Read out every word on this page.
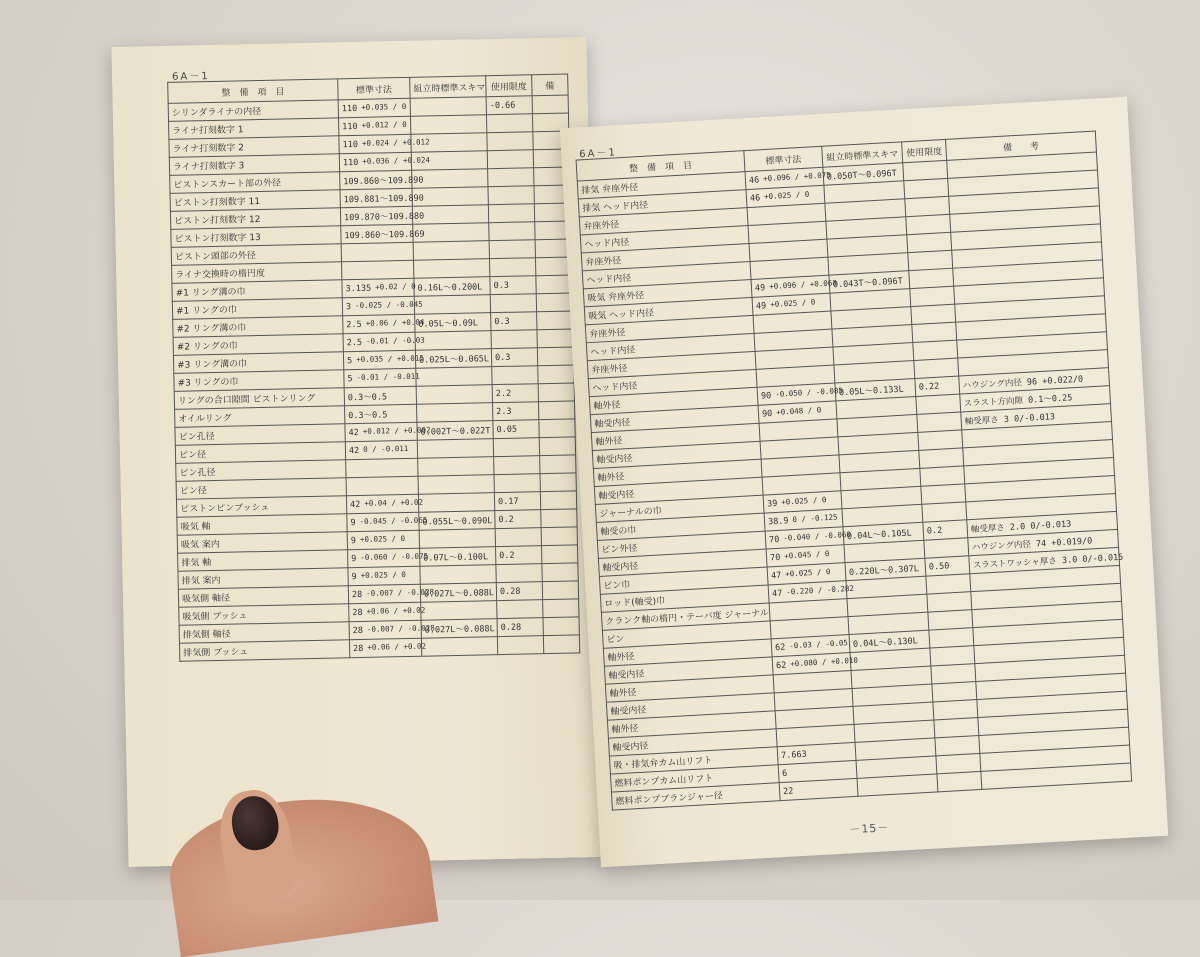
6A－1
整　備　項　目	標準寸法	組立時標準スキマ	使用限度	備
シリンダライナの内径	110 +0.035 / 0		-0.66	
ライナ打刻数字 1	110 +0.012 / 0			
ライナ打刻数字 2	110 +0.024 / +0.012			
ライナ打刻数字 3	110 +0.036 / +0.024			
ピストンスカート部の外径	109.860～109.890			
ピストン打刻数字 11	109.881～109.890			
ピストン打刻数字 12	109.870～109.880			
ピストン打刻数字 13	109.860～109.869			
ピストン頭部の外径				
ライナ交換時の楕円度				
#1 リング溝の巾	3.135 +0.02 / 0	0.16L～0.200L	0.3	
#1 リングの巾	3 -0.025 / -0.045			
#2 リング溝の巾	2.5 +0.06 / +0.04	0.05L～0.09L	0.3	
#2 リングの巾	2.5 -0.01 / -0.03			
#3 リング溝の巾	5 +0.035 / +0.015	0.025L～0.065L	0.3	
#3 リングの巾	5 -0.01 / -0.011			
リングの合口隙間 ピストンリング	0.3～0.5		2.2	
オイルリング	0.3～0.5		2.3	
ピン孔径	42 +0.012 / +0.002	0.002T～0.022T	0.05	
ピン径	42 0 / -0.011			
ピン孔径				
ピン径				
ピストンピンブッシュ	42 +0.04 / +0.02		0.17	
吸気 軸	9 -0.045 / -0.065	0.055L～0.090L	0.2	
吸気 案内	9 +0.025 / 0			
排気 軸	9 -0.060 / -0.075	0.07L～0.100L	0.2	
排気 案内	9 +0.025 / 0			
吸気側 軸径	28 -0.007 / -0.028	0.027L～0.088L	0.28	
吸気側 ブッシュ	28 +0.06 / +0.02			
排気側 軸径	28 -0.007 / -0.028	0.027L～0.088L	0.28	
排気側 ブッシュ	28 +0.06 / +0.02			
6A－1
整　備　項　目	標準寸法	組立時標準スキマ	使用限度	備　　考
排気 弁座外径	46 +0.096 / +0.075	0.050T～0.096T		
排気 ヘッド内径	46 +0.025 / 0			
弁座外径				
ヘッド内径				
弁座外径				
ヘッド内径				
吸気 弁座外径	49 +0.096 / +0.068	0.043T～0.096T		
吸気 ヘッド内径	49 +0.025 / 0			
弁座外径				
ヘッド内径				
弁座外径				
ヘッド内径				
軸外径	90 -0.050 / -0.085	0.05L～0.133L	0.22	ハウジング内径 96 +0.022/0
軸受内径	90 +0.048 / 0			スラスト方向隙 0.1～0.25
軸外径				軸受厚さ 3 0/-0.013
軸受内径				
軸外径				
軸受内径				
ジャーナルの巾	39 +0.025 / 0			
軸受の巾	38.9 0 / -0.125			
ピン外径	70 -0.040 / -0.060	0.04L～0.105L	0.2	軸受厚さ 2.0 0/-0.013
軸受内径	70 +0.045 / 0			ハウジング内径 74 +0.019/0
ピン巾	47 +0.025 / 0	0.220L～0.307L	0.50	スラストワッシャ厚さ 3.0 0/-0.015
ロッド(軸受)巾	47 -0.220 / -0.282			
クランク軸の楕円・テーパ度 ジャーナル				
ピン				
軸外径	62 -0.03 / -0.05	0.04L～0.130L		
軸受内径	62 +0.080 / +0.010			
軸外径				
軸受内径				
軸外径				
軸受内径				
吸・排気弁カム山リフト	7.663			
燃料ポンプカム山リフト	6			
燃料ポンプブランジャー径	22			
－15－
